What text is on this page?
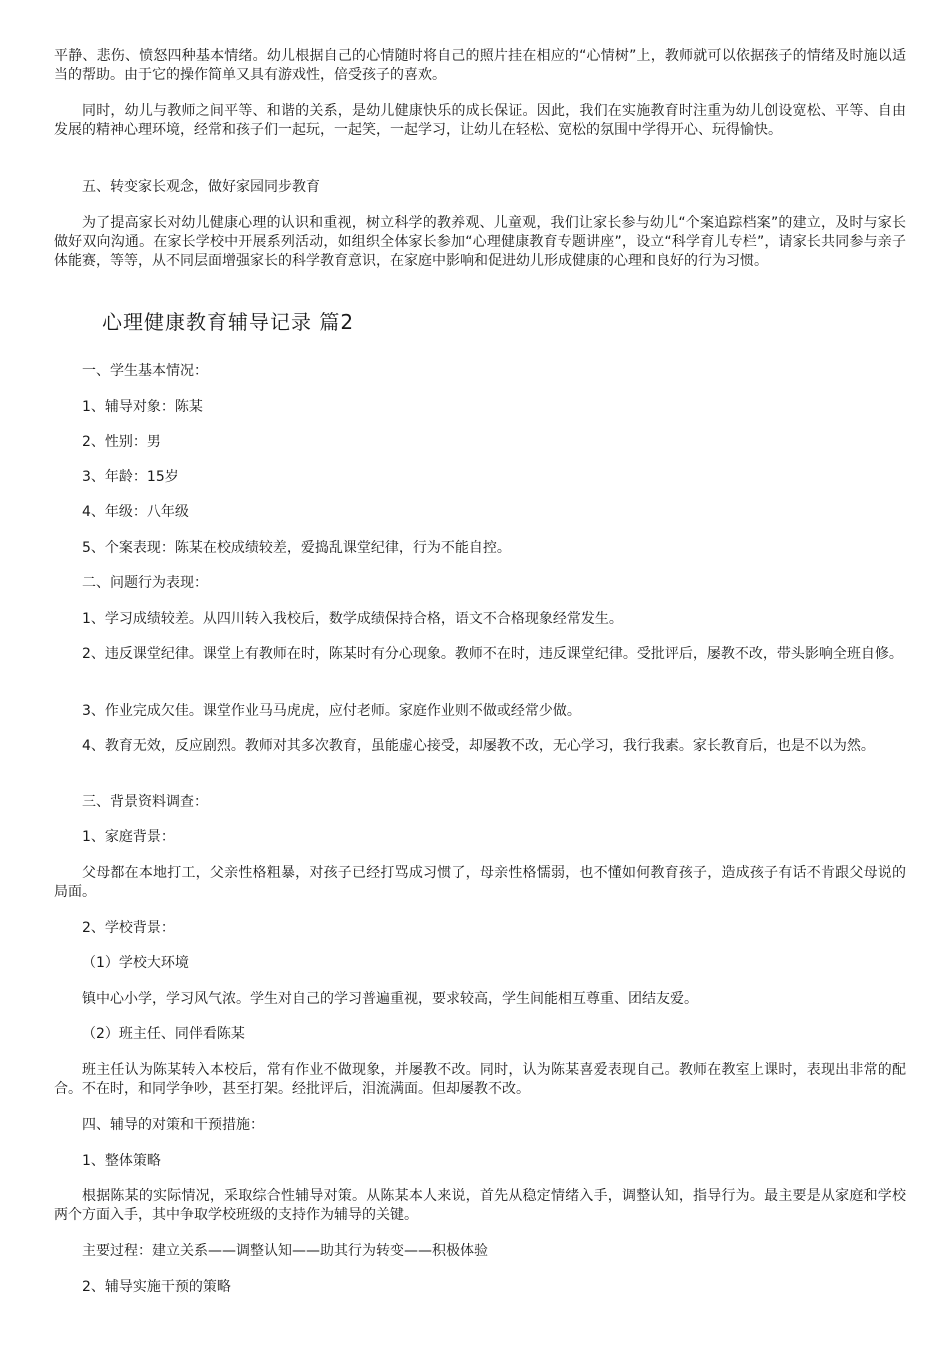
平静、悲伤、愤怒四种基本情绪。幼儿根据自己的心情随时将自己的照片挂在相应的“心情树”上，教师就可以依据孩子的情绪及时施以适当的帮助。由于它的操作简单又具有游戏性，倍受孩子的喜欢。

同时，幼儿与教师之间平等、和谐的关系，是幼儿健康快乐的成长保证。因此，我们在实施教育时注重为幼儿创设宽松、平等、自由发展的精神心理环境，经常和孩子们一起玩，一起笑，一起学习，让幼儿在轻松、宽松的氛围中学得开心、玩得愉快。

五、转变家长观念，做好家园同步教育

为了提高家长对幼儿健康心理的认识和重视，树立科学的教养观、儿童观，我们让家长参与幼儿“个案追踪档案”的建立，及时与家长做好双向沟通。在家长学校中开展系列活动，如组织全体家长参加“心理健康教育专题讲座”，设立“科学育儿专栏”，请家长共同参与亲子体能赛，等等，从不同层面增强家长的科学教育意识，在家庭中影响和促进幼儿形成健康的心理和良好的行为习惯。

心理健康教育辅导记录 篇2

一、学生基本情况：

1、辅导对象：陈某

2、性别：男

3、年龄：15岁

4、年级：八年级

5、个案表现：陈某在校成绩较差，爱捣乱课堂纪律，行为不能自控。

二、问题行为表现：

1、学习成绩较差。从四川转入我校后，数学成绩保持合格，语文不合格现象经常发生。

2、违反课堂纪律。课堂上有教师在时，陈某时有分心现象。教师不在时，违反课堂纪律。受批评后，屡教不改，带头影响全班自修。

3、作业完成欠佳。课堂作业马马虎虎，应付老师。家庭作业则不做或经常少做。

4、教育无效，反应剧烈。教师对其多次教育，虽能虚心接受，却屡教不改，无心学习，我行我素。家长教育后，也是不以为然。

三、背景资料调查：

1、家庭背景：

父母都在本地打工，父亲性格粗暴，对孩子已经打骂成习惯了，母亲性格懦弱，也不懂如何教育孩子，造成孩子有话不肯跟父母说的局面。

2、学校背景：

（1）学校大环境

镇中心小学，学习风气浓。学生对自己的学习普遍重视，要求较高，学生间能相互尊重、团结友爱。

（2）班主任、同伴看陈某

班主任认为陈某转入本校后，常有作业不做现象，并屡教不改。同时，认为陈某喜爱表现自己。教师在教室上课时，表现出非常的配合。不在时，和同学争吵，甚至打架。经批评后，泪流满面。但却屡教不改。

四、辅导的对策和干预措施：

1、整体策略

根据陈某的实际情况，采取综合性辅导对策。从陈某本人来说，首先从稳定情绪入手，调整认知，指导行为。最主要是从家庭和学校两个方面入手，其中争取学校班级的支持作为辅导的关键。

主要过程：建立关系——调整认知——助其行为转变——积极体验

2、辅导实施干预的策略
